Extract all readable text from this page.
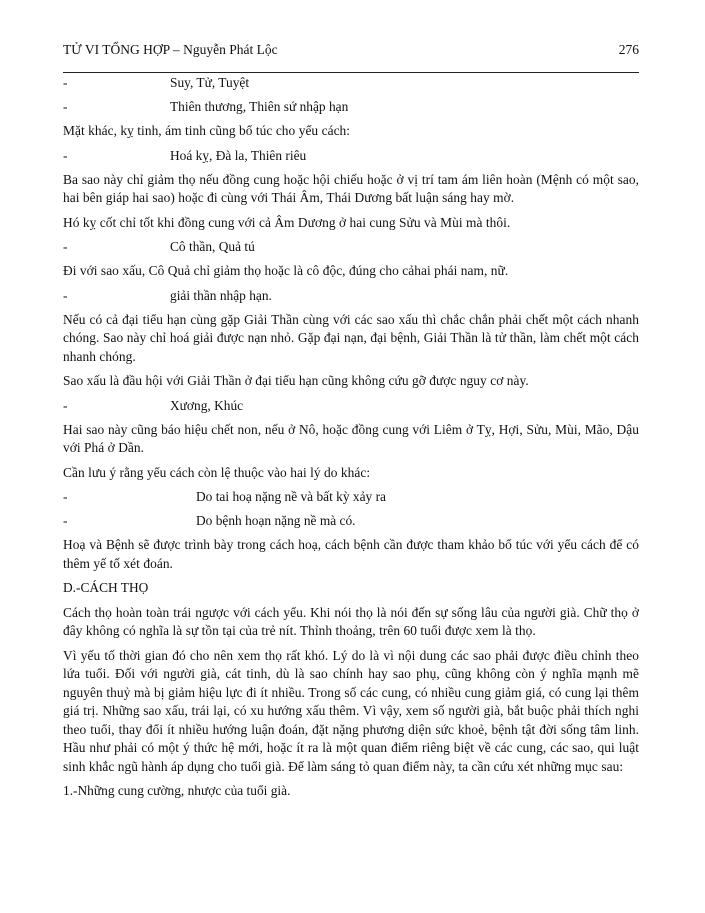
TỬ VI TỔNG HỢP – Nguyễn Phát Lộc	276
-	Suy, Tử, Tuyệt
-	Thiên thương, Thiên sứ nhập hạn
Mặt khác, kỵ tinh, ám tinh cũng bổ túc cho yểu cách:
-	Hoá kỵ, Đà la, Thiên riêu
Ba sao này chỉ giảm thọ nếu đồng cung hoặc hội chiếu hoặc ở vị trí tam ám liên hoàn (Mệnh có một sao, hai bên giáp hai sao) hoặc đi cùng với Thái Âm, Thái Dương bất luận sáng hay mờ.
Hó kỵ cốt chỉ tốt khi đồng cung với cả Âm Dương ở hai cung Sửu và Mùi mà thôi.
-	Cô thần, Quả tú
Đi với sao xấu, Cô Quả chỉ giảm thọ hoặc là cô độc, đúng cho cảhai phái nam, nữ.
-	giải thần nhập hạn.
Nếu có cả đại tiểu hạn cùng gặp Giải Thần cùng với các sao xấu thì chắc chắn phải chết một cách nhanh chóng. Sao này chỉ hoá giải được nạn nhỏ. Gặp đại nạn, đại bệnh, Giải Thần là tử thần, làm chết một cách nhanh chóng.
Sao xấu là đầu hội với Giải Thần ở đại tiểu hạn cũng không cứu gỡ được nguy cơ này.
-	Xương, Khúc
Hai sao này cũng báo hiệu chết non, nếu ở Nô, hoặc đồng cung với Liêm ở Tỵ, Hợi, Sửu, Mùi, Mão, Dậu với Phá ở Dần.
Cần lưu ý rằng yểu cách còn lệ thuộc vào hai lý do khác:
-	Do tai hoạ nặng nề và bất kỳ xảy ra
-	Do bệnh hoạn nặng nề mà có.
Hoạ và Bệnh sẽ được trình bày trong cách hoạ, cách bệnh cần được tham khảo bổ túc với yểu cách để có thêm yế tố xét đoán.
D.-CÁCH THỌ
Cách thọ hoàn toàn trái ngược với cách yểu. Khi nói thọ là nói đến sự sống lâu của người già. Chữ thọ ở đây không có nghĩa là sự tồn tại của trẻ nít. Thỉnh thoảng, trên 60 tuổi được xem là thọ.
Vì yếu tố thời gian đó cho nên xem thọ rất khó. Lý do là vì nội dung các sao phải được điều chỉnh theo lứa tuổi. Đối với người già, cát tinh, dù là sao chính hay sao phụ, cũng không còn ý nghĩa mạnh mẽ nguyên thuỷ mà bị giảm hiệu lực đi ít nhiều. Trong số các cung, có nhiều cung giảm giá, có cung lại thêm giá trị. Những sao xấu, trái lại, có xu hướng xấu thêm. Vì vậy, xem số người già, bắt buộc phải thích nghi theo tuổi, thay đổi ít nhiều hướng luận đoán, đặt nặng phương diện sức khoẻ, bệnh tật đời sống tâm linh. Hầu như phải có một ý thức hệ mới, hoặc ít ra là một quan điểm riêng biệt về các cung, các sao, qui luật sinh khắc ngũ hành áp dụng cho tuổi già. Để làm sáng tỏ quan điểm này, ta cần cứu xét những mục sau:
1.-Những cung cường, nhược của tuổi già.
